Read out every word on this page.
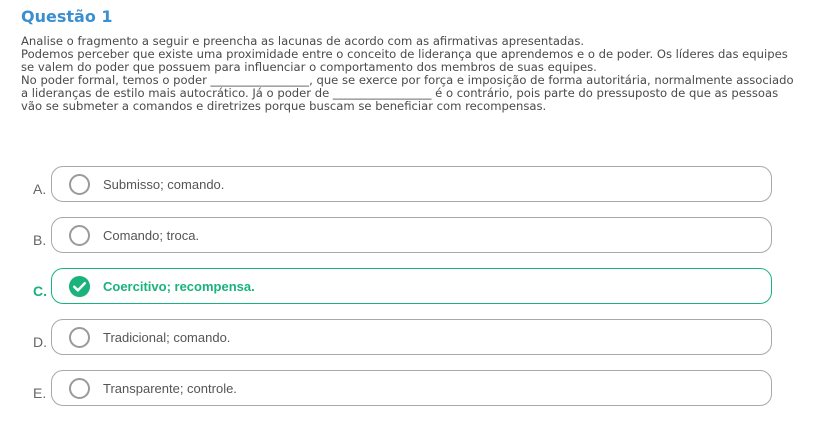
Questão 1

Analise o fragmento a seguir e preencha as lacunas de acordo com as afirmativas apresentadas.

Podemos perceber que existe uma proximidade entre o conceito de liderança que aprendemos e o de poder. Os líderes das equipes se valem do poder que possuem para influenciar o comportamento dos membros de suas equipes.

No poder formal, temos o poder _________________, que se exerce por força e imposição de forma autoritária, normalmente associado a lideranças de estilo mais autocrático. Já o poder de _________________ é o contrário, pois parte do pressuposto de que as pessoas vão se submeter a comandos e diretrizes porque buscam se beneficiar com recompensas.

A.	Submisso; comando.
B.	Comando; troca.
C.	Coercitivo; recompensa.
D.	Tradicional; comando.
E.	Transparente; controle.
